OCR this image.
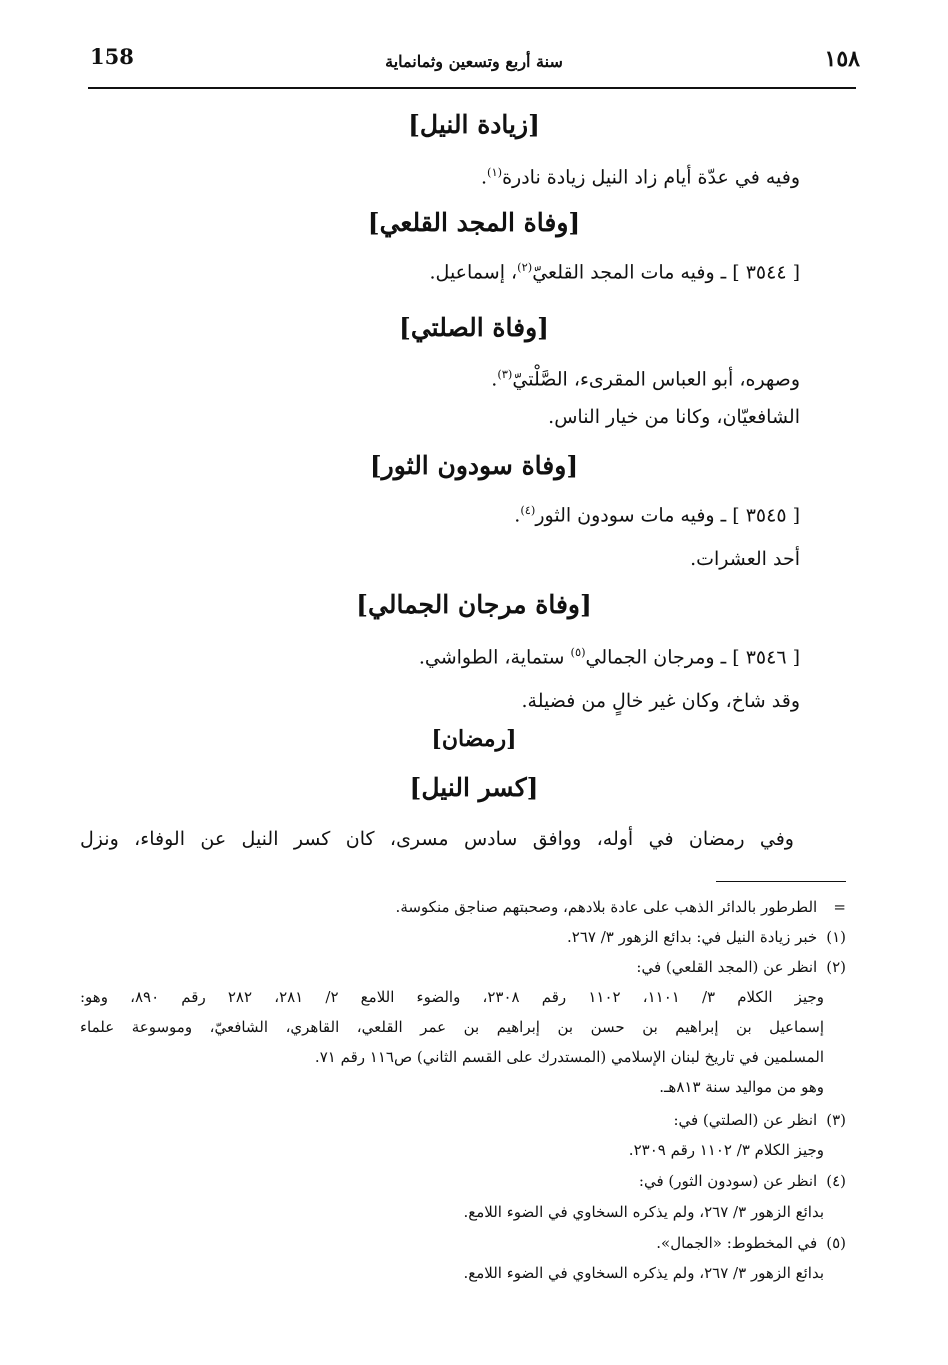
158	سنة أربع وتسعين وثمانماية	١٥٨
[زيادة النيل]
وفيه في عدّة أيام زاد النيل زيادة نادرة$^{(١)}$.
[وفاة المجد القلعي]
[ ٣٥٤٤ ] ـ وفيه مات المجد القلعيّ$^{(٢)}$، إسماعيل.
[وفاة الصلتي]
وصهره، أبو العباس المقرىء، الصَّلْتيّ$^{(٣)}$.
الشافعيّان، وكانا من خيار الناس.
[وفاة سودون الثور]
[ ٣٥٤٥ ] ـ وفيه مات سودون الثور$^{(٤)}$.
أحد العشرات.
[وفاة مرجان الجمالي]
[ ٣٥٤٦ ] ـ ومرجان الجمالي$^{(٥)}$ ستماية، الطواشي.
وقد شاخ، وكان غير خالٍ من فضيلة.
[رمضان]
[كسر النيل]
وفي رمضان في أوله، ووافق سادس مسرى، كان كسر النيل عن الوفاء، ونزل
= الطرطور بالدائر الذهب على عادة بلادهم، وصحبتهم صناجق منكوسة.
(١) خبر زيادة النيل في: بدائع الزهور ٣/ ٢٦٧.
(٢) انظر عن (المجد القلعي) في:
وجيز الكلام ٣/ ١١٠١، ١١٠٢ رقم ٢٣٠٨، والضوء اللامع ٢/ ٢٨١، ٢٨٢ رقم ٨٩٠، وهو:
إسماعيل بن إبراهيم بن حسن بن إبراهيم بن عمر القلعي، القاهري، الشافعيّ، وموسوعة علماء
المسلمين في تاريخ لبنان الإسلامي (المستدرك على القسم الثاني) ص١١٦ رقم ٧١.
وهو من مواليد سنة ٨١٣هـ.
(٣) انظر عن (الصلتي) في:
وجيز الكلام ٣/ ١١٠٢ رقم ٢٣٠٩.
(٤) انظر عن (سودون الثور) في:
بدائع الزهور ٣/ ٢٦٧، ولم يذكره السخاوي في الضوء اللامع.
(٥) في المخطوط: «الجمال».
بدائع الزهور ٣/ ٢٦٧، ولم يذكره السخاوي في الضوء اللامع.
